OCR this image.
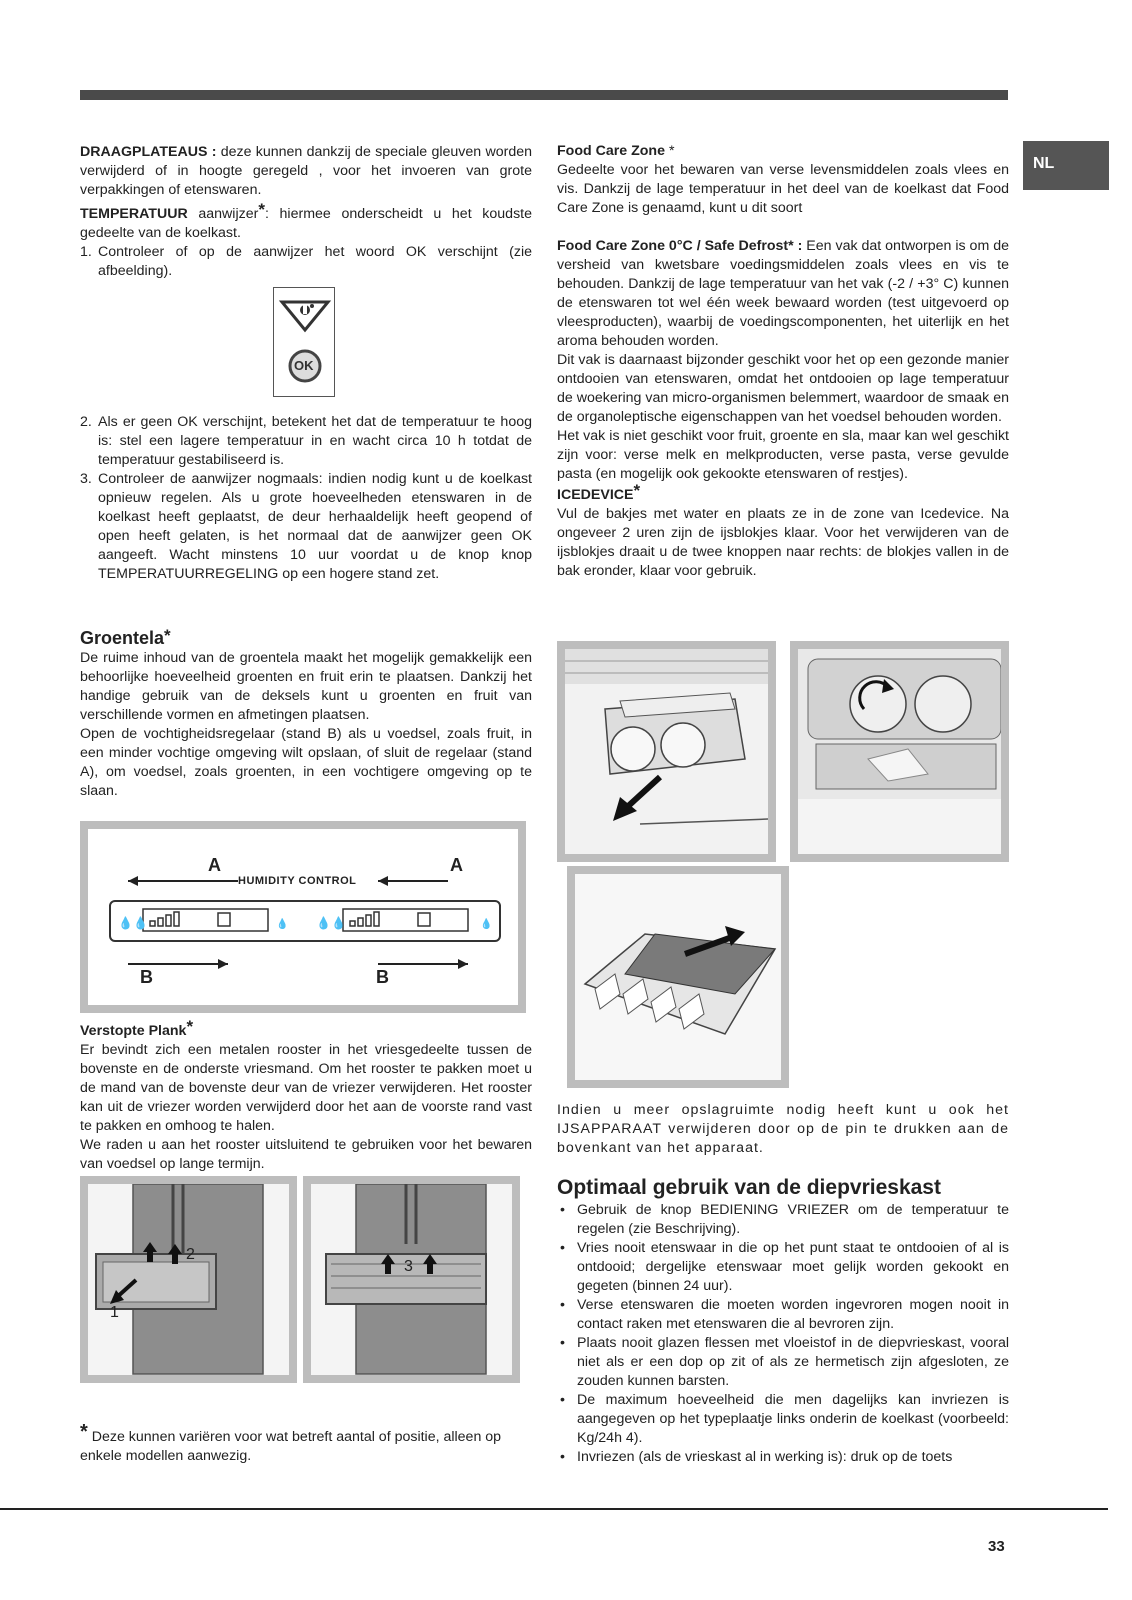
NL

DRAAGPLATEAUS : deze kunnen dankzij de speciale gleuven worden verwijderd of in hoogte geregeld , voor het invoeren van grote verpakkingen of etenswaren.

TEMPERATUUR aanwijzer*: hiermee onderscheidt u het koudste gedeelte van de koelkast.

1. Controleer of op de aanwijzer het woord OK verschijnt (zie afbeelding).

OK

2. Als er geen OK verschijnt, betekent het dat de temperatuur te hoog is: stel een lagere temperatuur in en wacht circa 10 h totdat de temperatuur gestabiliseerd is.

3. Controleer de aanwijzer nogmaals: indien nodig kunt u de koelkast opnieuw regelen. Als u grote hoeveelheden etenswaren in de koelkast heeft geplaatst, de deur herhaaldelijk heeft geopend of open heeft gelaten, is het normaal dat de aanwijzer geen OK aangeeft. Wacht minstens 10 uur voordat u de knop knop TEMPERATUURREGELING op een hogere stand zet.

Groentela*

De ruime inhoud van de groentela maakt het mogelijk gemakkelijk een behoorlijke hoeveelheid groenten en fruit erin te plaatsen. Dankzij het handige gebruik van de deksels kunt u groenten en fruit van verschillende vormen en afmetingen plaatsen.

Open de vochtigheidsregelaar (stand B) als u voedsel, zoals fruit, in een minder vochtige omgeving wilt opslaan, of sluit de regelaar (stand A), om voedsel, zoals groenten, in een vochtigere omgeving op te slaan.

💧💧	💧 💧💧	💧
HUMIDITY CONTROL
A	A
B	B

Verstopte Plank*

Er bevindt zich een metalen rooster in het vriesgedeelte tussen de bovenste en de onderste vriesmand. Om het rooster te pakken moet u de mand van de bovenste deur van de vriezer verwijderen. Het rooster kan uit de vriezer worden verwijderd door het aan de voorste rand vast te pakken en omhoog te halen.

We raden u aan het rooster uitsluitend te gebruiken voor het bewaren van voedsel op lange termijn.

1
2
3

* Deze kunnen variëren voor wat betreft aantal of positie, alleen op enkele modellen aanwezig.

Food Care Zone *

Gedeelte voor het bewaren van verse levensmiddelen zoals vlees en vis. Dankzij de lage temperatuur in het deel van de koelkast dat Food Care Zone is genaamd, kunt u dit soort

Food Care Zone 0°C / Safe Defrost* : Een vak dat ontworpen is om de versheid van kwetsbare voedingsmiddelen zoals vlees en vis te behouden. Dankzij de lage temperatuur van het vak (-2 / +3° C) kunnen de etenswaren tot wel één week bewaard worden (test uitgevoerd op vleesproducten), waarbij de voedingscomponenten, het uiterlijk en het aroma behouden worden.

Dit vak is daarnaast bijzonder geschikt voor het op een gezonde manier ontdooien van etenswaren, omdat het ontdooien op lage temperatuur de woekering van micro-organismen belemmert, waardoor de smaak en de organoleptische eigenschappen van het voedsel behouden worden.

Het vak is niet geschikt voor fruit, groente en sla, maar kan wel geschikt zijn voor: verse melk en melkproducten, verse pasta, verse gevulde pasta (en mogelijk ook gekookte etenswaren of restjes).

ICEDEVICE*

Vul de bakjes met water en plaats ze in de zone van Icedevice. Na ongeveer 2 uren zijn de ijsblokjes klaar. Voor het verwijderen van de ijsblokjes draait u de twee knoppen naar rechts: de blokjes vallen in de bak eronder, klaar voor gebruik.

Indien u meer opslagruimte nodig heeft kunt u ook het IJSAPPARAAT verwijderen door op de pin te drukken aan de bovenkant van het apparaat.

Optimaal gebruik van de diepvrieskast

• Gebruik de knop BEDIENING VRIEZER om de temperatuur te regelen (zie Beschrijving).

• Vries nooit etenswaar in die op het punt staat te ontdooien of al is ontdooid; dergelijke etenswaar moet gelijk worden gekookt en gegeten (binnen 24 uur).

• Verse etenswaren die moeten worden ingevroren mogen nooit in contact raken met etenswaren die al bevroren zijn.

• Plaats nooit glazen flessen met vloeistof in de diepvrieskast, vooral niet als er een dop op zit of als ze hermetisch zijn afgesloten, ze zouden kunnen barsten.

• De maximum hoeveelheid die men dagelijks kan invriezen is aangegeven op het typeplaatje links onderin de koelkast (voorbeeld: Kg/24h 4).

• Invriezen (als de vrieskast al in werking is): druk op de toets

33
